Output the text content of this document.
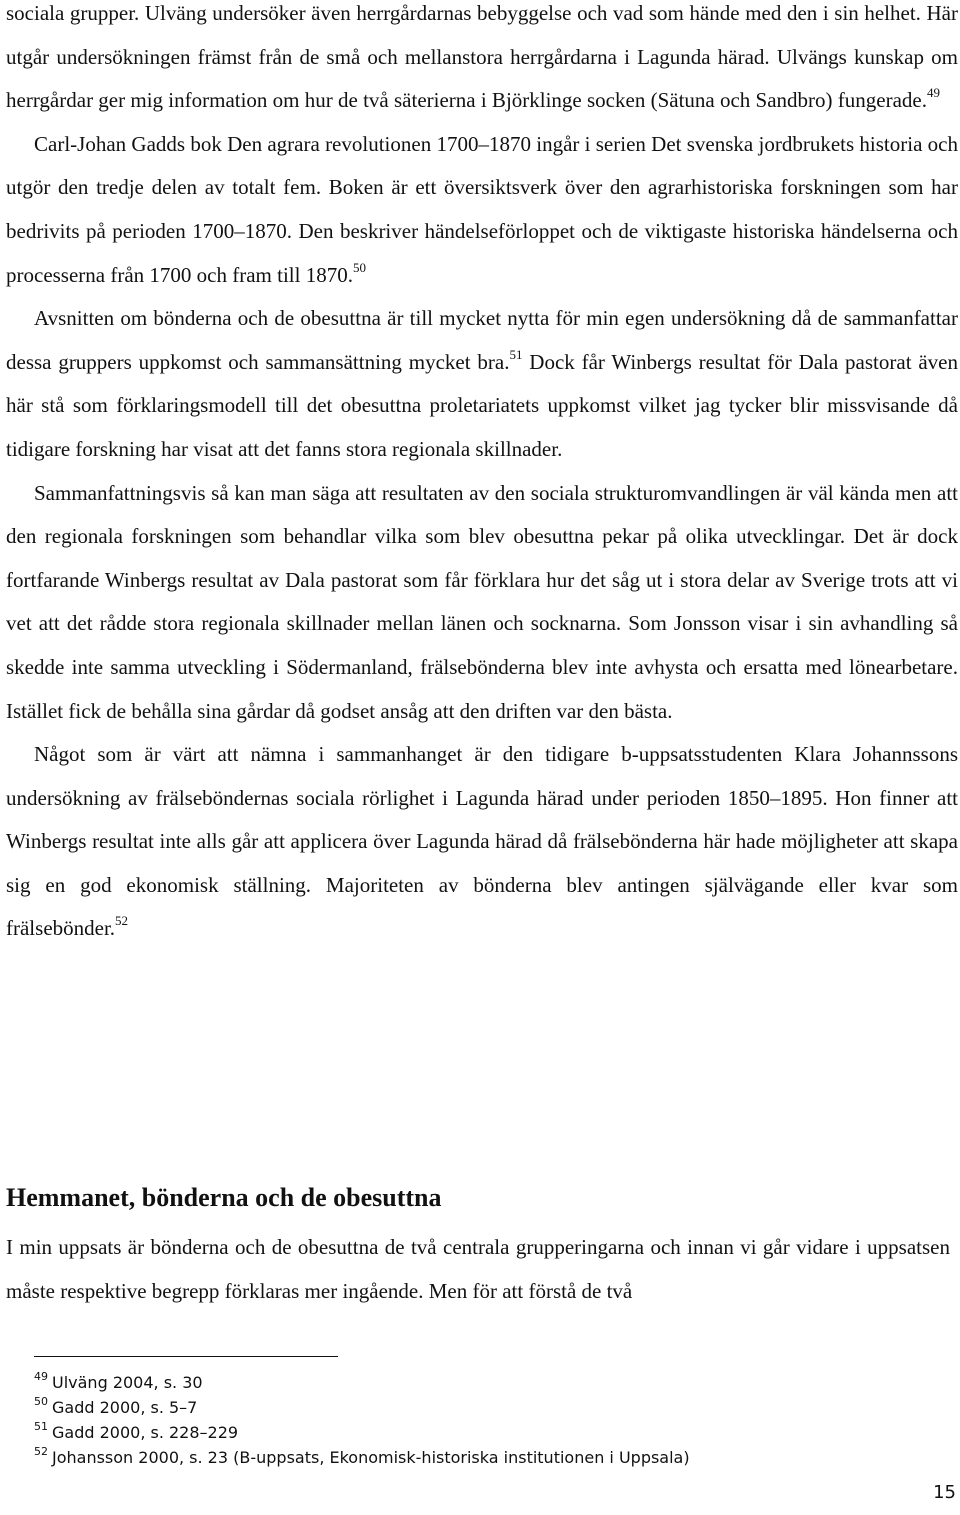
sociala grupper. Ulväng undersöker även herrgårdarnas bebyggelse och vad som hände med den i sin helhet. Här utgår undersökningen främst från de små och mellanstora herrgårdarna i Lagunda härad. Ulvängs kunskap om herrgårdar ger mig information om hur de två säterierna i Björklinge socken (Sätuna och Sandbro) fungerade.$^{49}$

Carl-Johan Gadds bok Den agrara revolutionen 1700–1870 ingår i serien Det svenska jordbrukets historia och utgör den tredje delen av totalt fem. Boken är ett översiktsverk över den agrarhistoriska forskningen som har bedrivits på perioden 1700–1870. Den beskriver händelseförloppet och de viktigaste historiska händelserna och processerna från 1700 och fram till 1870.50

Avsnitten om bönderna och de obesuttna är till mycket nytta för min egen undersökning då de sammanfattar dessa gruppers uppkomst och sammansättning mycket bra.$^{51}$ Dock får Winbergs resultat för Dala pastorat även här stå som förklaringsmodell till det obesuttna proletariatets uppkomst vilket jag tycker blir missvisande då tidigare forskning har visat att det fanns stora regionala skillnader.

Sammanfattningsvis så kan man säga att resultaten av den sociala strukturomvandlingen är väl kända men att den regionala forskningen som behandlar vilka som blev obesuttna pekar på olika utvecklingar. Det är dock fortfarande Winbergs resultat av Dala pastorat som får förklara hur det såg ut i stora delar av Sverige trots att vi vet att det rådde stora regionala skillnader mellan länen och socknarna. Som Jonsson visar i sin avhandling så skedde inte samma utveckling i Södermanland, frälsebönderna blev inte avhysta och ersatta med lönearbetare. Istället fick de behålla sina gårdar då godset ansåg att den driften var den bästa.

Något som är värt att nämna i sammanhanget är den tidigare b-uppsatsstudenten Klara Johannssons undersökning av frälseböndernas sociala rörlighet i Lagunda härad under perioden 1850–1895. Hon finner att Winbergs resultat inte alls går att applicera över Lagunda härad då frälsebönderna här hade möjligheter att skapa sig en god ekonomisk ställning. Majoriteten av bönderna blev antingen självägande eller kvar som frälsebönder.$^{52}$

Hemmanet, bönderna och de obesuttna

I min uppsats är bönderna och de obesuttna de två centrala grupperingarna och innan vi går vidare i uppsatsen måste respektive begrepp förklaras mer ingående. Men för att förstå de två

$^{49}$ Ulväng 2004, s. 30
$^{50}$ Gadd 2000, s. 5–7
$^{51}$ Gadd 2000, s. 228–229
$^{52}$ Johansson 2000, s. 23 (B-uppsats, Ekonomisk-historiska institutionen i Uppsala)
15
